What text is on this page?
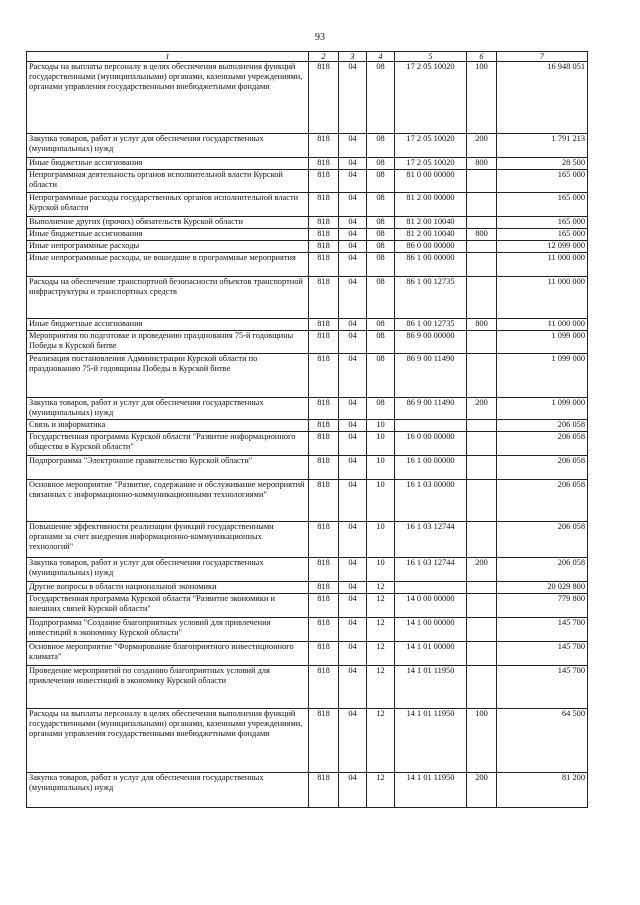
93
1	2	3	4	5	6	7
Расходы на выплаты персоналу в целях обеспечения выполнения функций государственными (муниципальными) органами, казенными учреждениями, органами управления государственными внебюджетными фондами	818	04	08	17 2 05 10020	100	16 948 051
Закупка товаров, работ и услуг для обеспечения государственных (муниципальных) нужд	818	04	08	17 2 05 10020	200	1 791 213
Иные бюджетные ассигнования	818	04	08	17 2 05 10020	800	28 500
Непрограммная деятельность органов исполнительной власти Курской области	818	04	08	81 0 00 00000		165 000
Непрограммные расходы государственных органов исполнительной власти Курской области	818	04	08	81 2 00 00000		165 000
Выполнение других (прочих) обязательств Курской области	818	04	08	81 2 00 10040		165 000
Иные бюджетные ассигнования	818	04	08	81 2 00 10040	800	165 000
Иные непрограммные расходы	818	04	08	86 0 00 00000		12 099 000
Иные непрограммные расходы, не вошедшие в программные мероприятия	818	04	08	86 1 00 00000		11 000 000
Расходы на обеспечение транспортной безопасности объектов транспортной инфраструктуры и транспортных средств	818	04	08	86 1 00 12735		11 000 000
Иные бюджетные ассигнования	818	04	08	86 1 00 12735	800	11 000 000
Мероприятия по подготовке и проведению празднования 75-й годовщины Победы в Курской битве	818	04	08	86 9 00 00000		1 099 000
Реализация постановления Администрации Курской области по празднованию 75-й годовщины Победы в Курской битве	818	04	08	86 9 00 11490		1 099 000
Закупка товаров, работ и услуг для обеспечения государственных (муниципальных) нужд	818	04	08	86 9 00 11490	200	1 099 000
Связь и информатика	818	04	10			206 058
Государственная программа Курской области "Развитие информационного общества в Курской области"	818	04	10	16 0 00 00000		206 058
Подпрограмма "Электронное правительство Курской области"	818	04	10	16 1 00 00000		206 058
Основное мероприятие "Развитие, содержание и обслуживание мероприятий связанных с информационно-коммуникационными технологиями"	818	04	10	16 1 03 00000		206 058
Повышение эффективности реализации функций государственными органами за счет внедрения информационно-коммуникационных технологий"	818	04	10	16 1 03 12744		206 058
Закупка товаров, работ и услуг для обеспечения государственных (муниципальных) нужд	818	04	10	16 1 03 12744	200	206 058
Другие вопросы в области национальной экономики	818	04	12			20 029 800
Государственная программа Курской области "Развитие экономики и внешних связей Курской области"	818	04	12	14 0 00 00000		779 800
Подпрограмма "Создание благоприятных условий для привлечения инвестиций в экономику Курской области"	818	04	12	14 1 00 00000		145 700
Основное мероприятие "Формирование благоприятного инвестиционного климата"	818	04	12	14 1 01 00000		145 700
Проведение мероприятий по созданию благоприятных условий для привлечения инвестиций в экономику Курской области	818	04	12	14 1 01 11950		145 700
Расходы на выплаты персоналу в целях обеспечения выполнения функций государственными (муниципальными) органами, казенными учреждениями, органами управления государственными внебюджетными фондами	818	04	12	14 1 01 11950	100	64 500
Закупка товаров, работ и услуг для обеспечения государственных (муниципальных) нужд	818	04	12	14 1 01 11950	200	81 200
